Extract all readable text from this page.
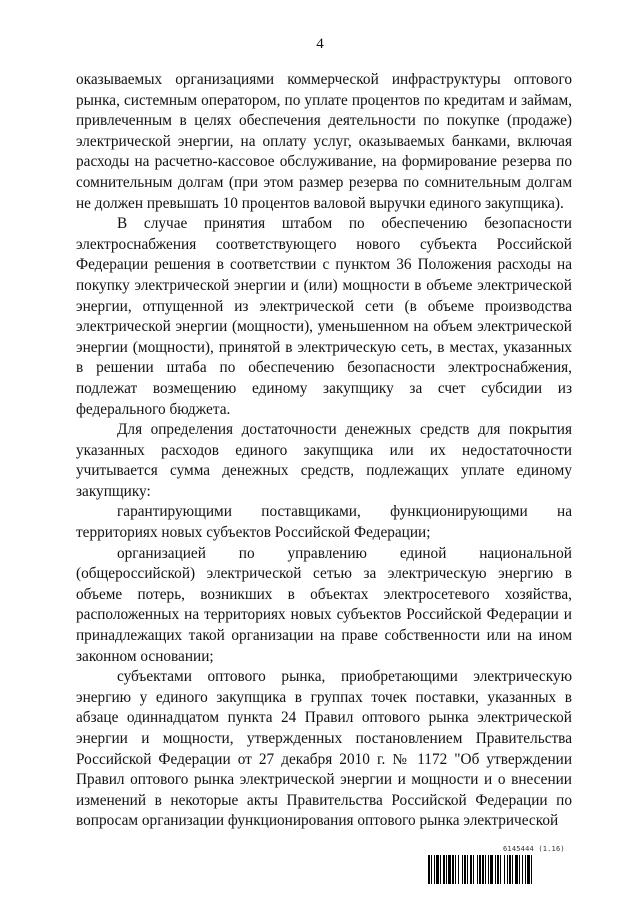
4

оказываемых организациями коммерческой инфраструктуры оптового рынка, системным оператором, по уплате процентов по кредитам и займам, привлеченным в целях обеспечения деятельности по покупке (продаже) электрической энергии, на оплату услуг, оказываемых банками, включая расходы на расчетно-кассовое обслуживание, на формирование резерва по сомнительным долгам (при этом размер резерва по сомнительным долгам не должен превышать 10 процентов валовой выручки единого закупщика).

В случае принятия штабом по обеспечению безопасности электроснабжения соответствующего нового субъекта Российской Федерации решения в соответствии с пунктом 36 Положения расходы на покупку электрической энергии и (или) мощности в объеме электрической энергии, отпущенной из электрической сети (в объеме производства электрической энергии (мощности), уменьшенном на объем электрической энергии (мощности), принятой в электрическую сеть, в местах, указанных в решении штаба по обеспечению безопасности электроснабжения, подлежат возмещению единому закупщику за счет субсидии из федерального бюджета.

Для определения достаточности денежных средств для покрытия указанных расходов единого закупщика или их недостаточности учитывается сумма денежных средств, подлежащих уплате единому закупщику:

гарантирующими поставщиками, функционирующими на территориях новых субъектов Российской Федерации;

организацией по управлению единой национальной (общероссийской) электрической сетью за электрическую энергию в объеме потерь, возникших в объектах электросетевого хозяйства, расположенных на территориях новых субъектов Российской Федерации и принадлежащих такой организации на праве собственности или на ином законном основании;

субъектами оптового рынка, приобретающими электрическую энергию у единого закупщика в группах точек поставки, указанных в абзаце одиннадцатом пункта 24 Правил оптового рынка электрической энергии и мощности, утвержденных постановлением Правительства Российской Федерации от 27 декабря 2010 г. № 1172 "Об утверждении Правил оптового рынка электрической энергии и мощности и о внесении изменений в некоторые акты Правительства Российской Федерации по вопросам организации функционирования оптового рынка электрической

6145444 (1.16)
